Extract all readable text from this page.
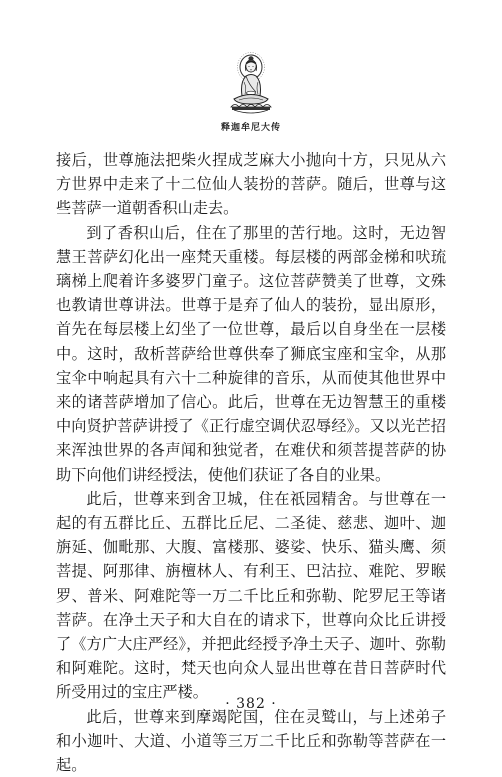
释迦牟尼大传

接后，世尊施法把柴火捏成芝麻大小抛向十方，只见从六方世界中走来了十二位仙人装扮的菩萨。随后，世尊与这些菩萨一道朝香积山走去。

到了香积山后，住在了那里的苦行地。这时，无边智慧王菩萨幻化出一座梵天重楼。每层楼的两部金梯和吠琉璃梯上爬着许多婆罗门童子。这位菩萨赞美了世尊，文殊也教请世尊讲法。世尊于是弃了仙人的装扮，显出原形，首先在每层楼上幻坐了一位世尊，最后以自身坐在一层楼中。这时，敌析菩萨给世尊供奉了狮底宝座和宝伞，从那宝伞中响起具有六十二种旋律的音乐，从而使其他世界中来的诸菩萨增加了信心。此后，世尊在无边智慧王的重楼中向贤护菩萨讲授了《正行虚空调伏忍辱经》。又以光芒招来浑浊世界的各声闻和独觉者，在难伏和须菩提菩萨的协助下向他们讲经授法，使他们获证了各自的业果。

此后，世尊来到舍卫城，住在祇园精舍。与世尊在一起的有五群比丘、五群比丘尼、二圣徒、慈悲、迦叶、迦旃延、伽毗那、大腹、富楼那、婆娑、快乐、猫头鹰、须菩提、阿那律、旃檀林人、有利王、巴沽拉、难陀、罗睺罗、普米、阿难陀等一万二千比丘和弥勒、陀罗尼王等诸菩萨。在净土天子和大自在的请求下，世尊向众比丘讲授了《方广大庄严经》，并把此经授予净土天子、迦叶、弥勒和阿难陀。这时，梵天也向众人显出世尊在昔日菩萨时代所受用过的宝庄严楼。

此后，世尊来到摩竭陀国，住在灵鹫山，与上述弟子和小迦叶、大道、小道等三万二千比丘和弥勒等菩萨在一起。

· 382 ·
